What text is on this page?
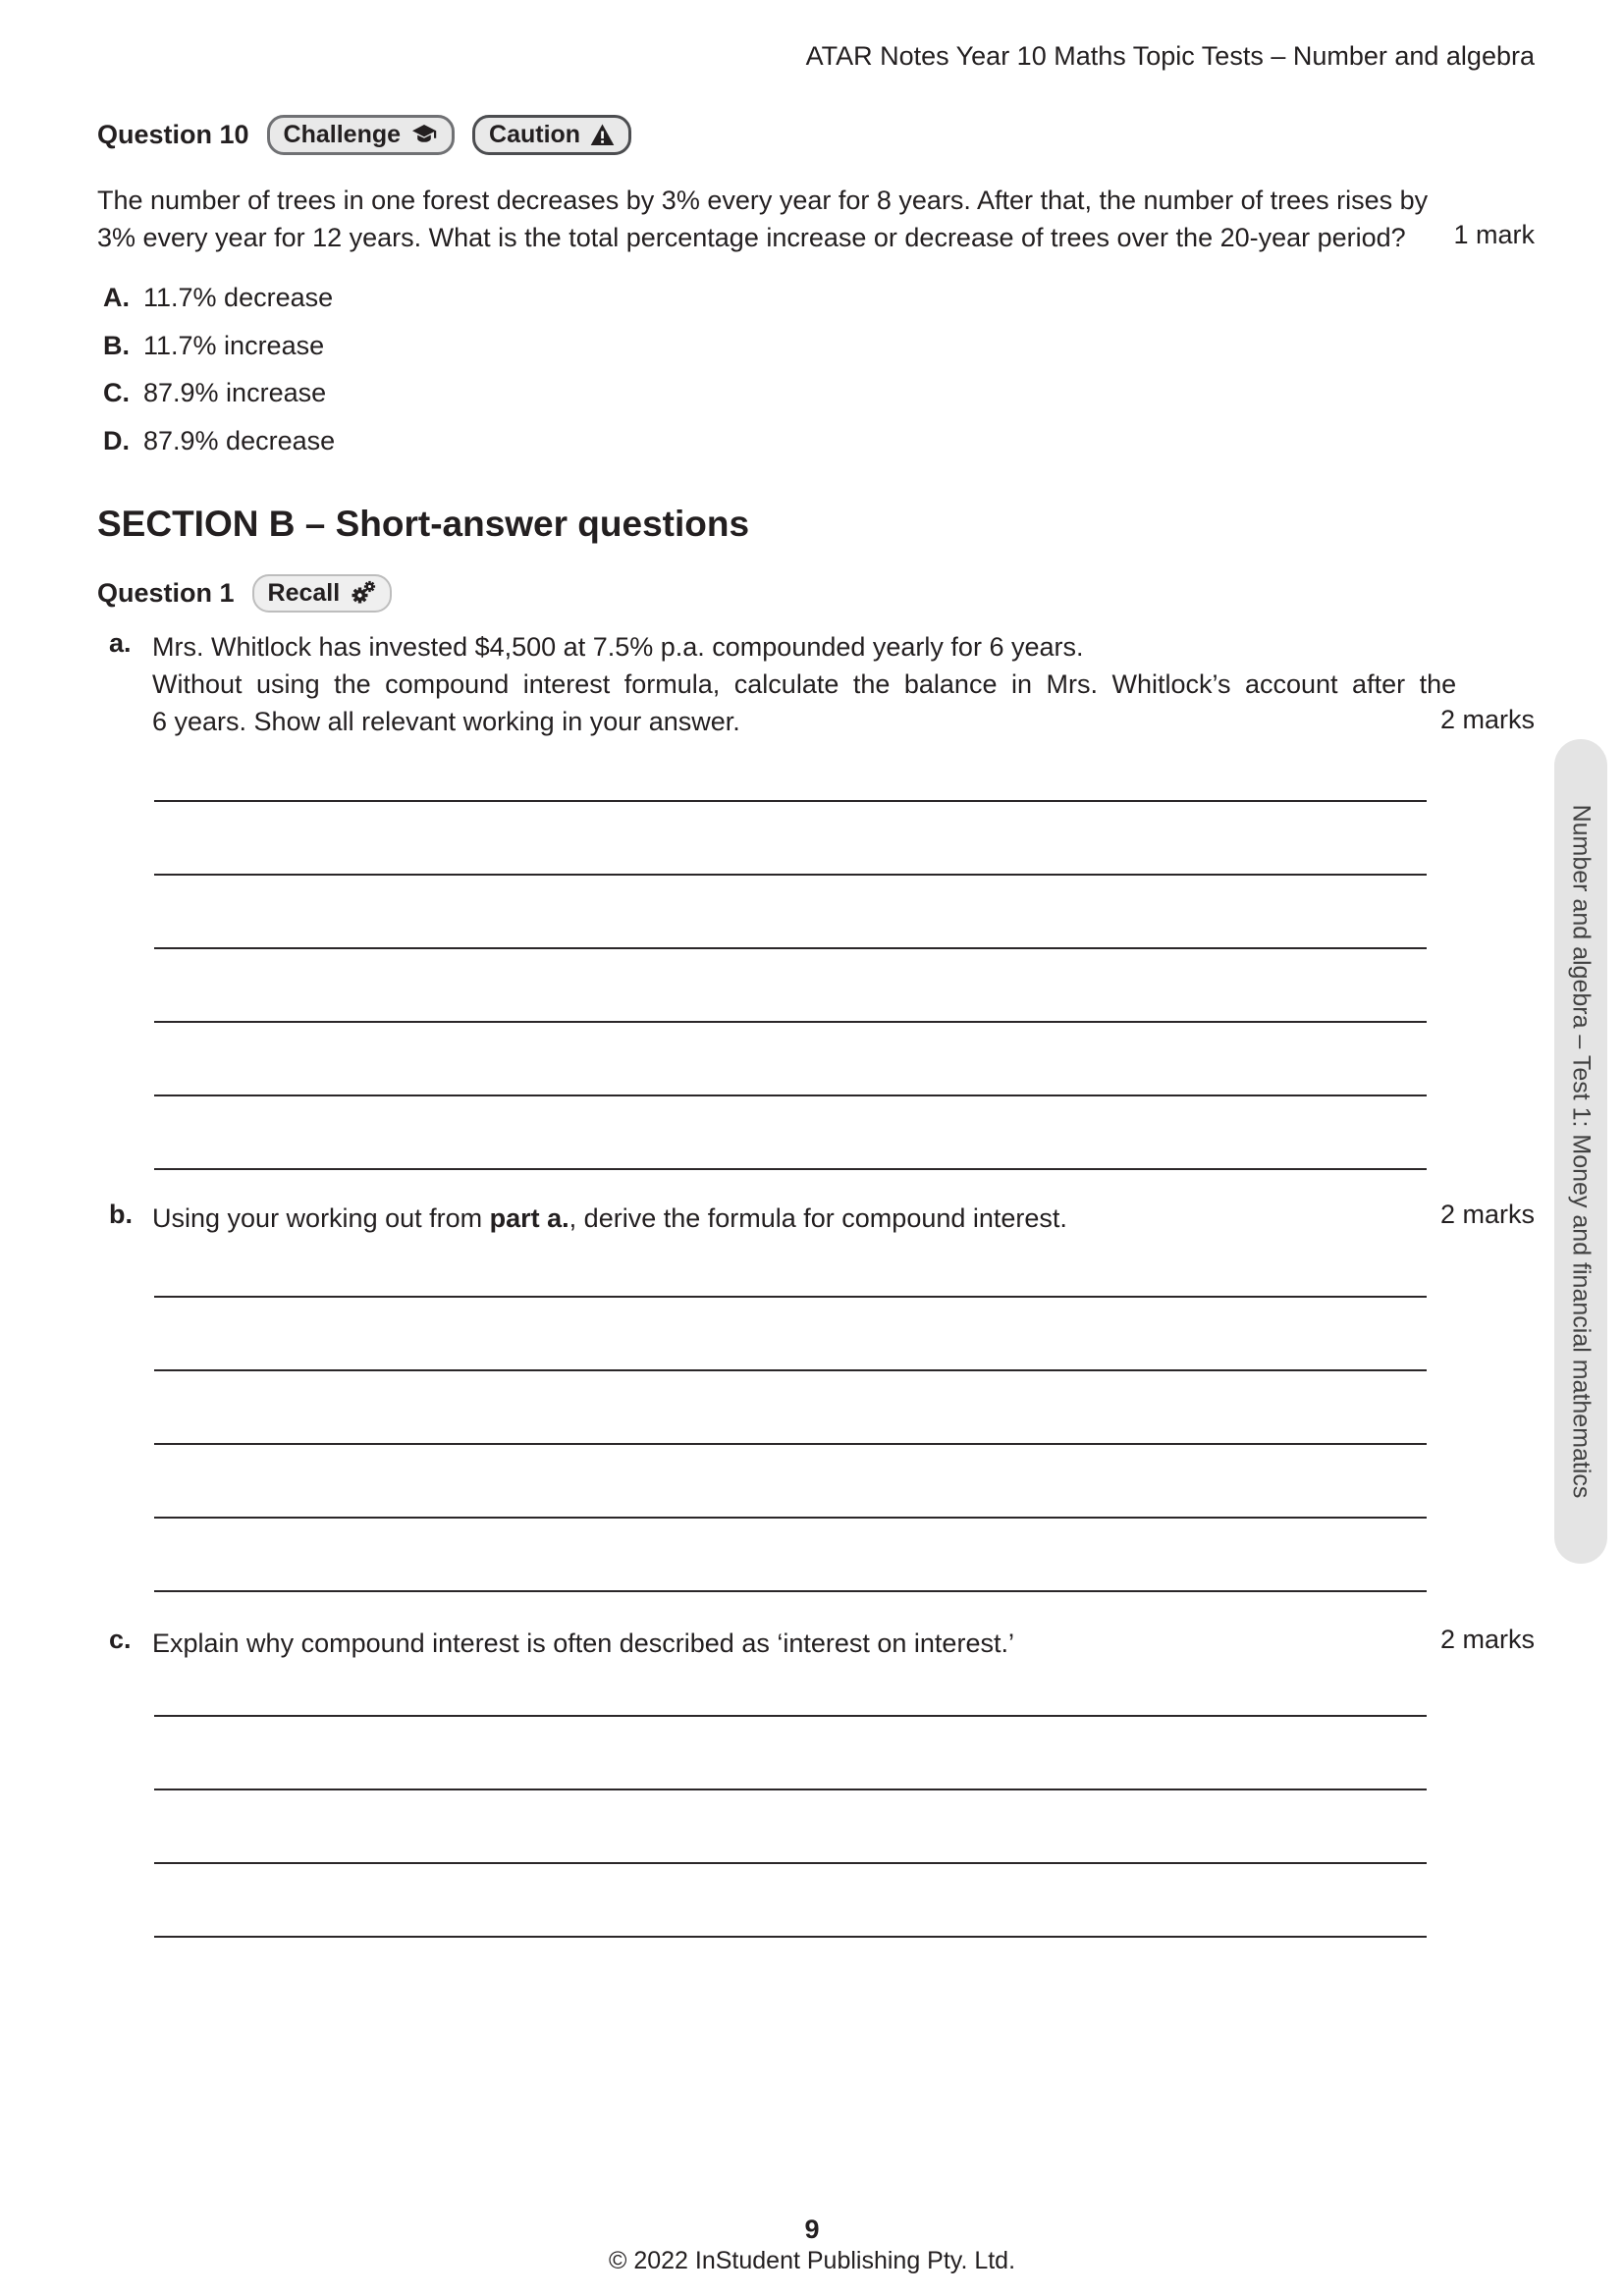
ATAR Notes Year 10 Maths Topic Tests – Number and algebra
Question 10 Challenge	Caution
The number of trees in one forest decreases by 3% every year for 8 years. After that, the number of trees rises by
3% every year for 12 years. What is the total percentage increase or decrease of trees over the 20-year period?	1 mark
A. 11.7% decrease
B. 11.7% increase
C. 87.9% increase
D. 87.9% decrease
SECTION B – Short-answer questions
Question 1 Recall
a. Mrs. Whitlock has invested $4,500 at 7.5% p.a. compounded yearly for 6 years.
Without using the compound interest formula, calculate the balance in Mrs. Whitlock’s account after the
6 years. Show all relevant working in your answer.	2 marks
b. Using your working out from part a., derive the formula for compound interest.	2 marks
c. Explain why compound interest is often described as ‘interest on interest.’	2 marks
Number and algebra – Test 1: Money and financial mathematics
9
© 2022 InStudent Publishing Pty. Ltd.
